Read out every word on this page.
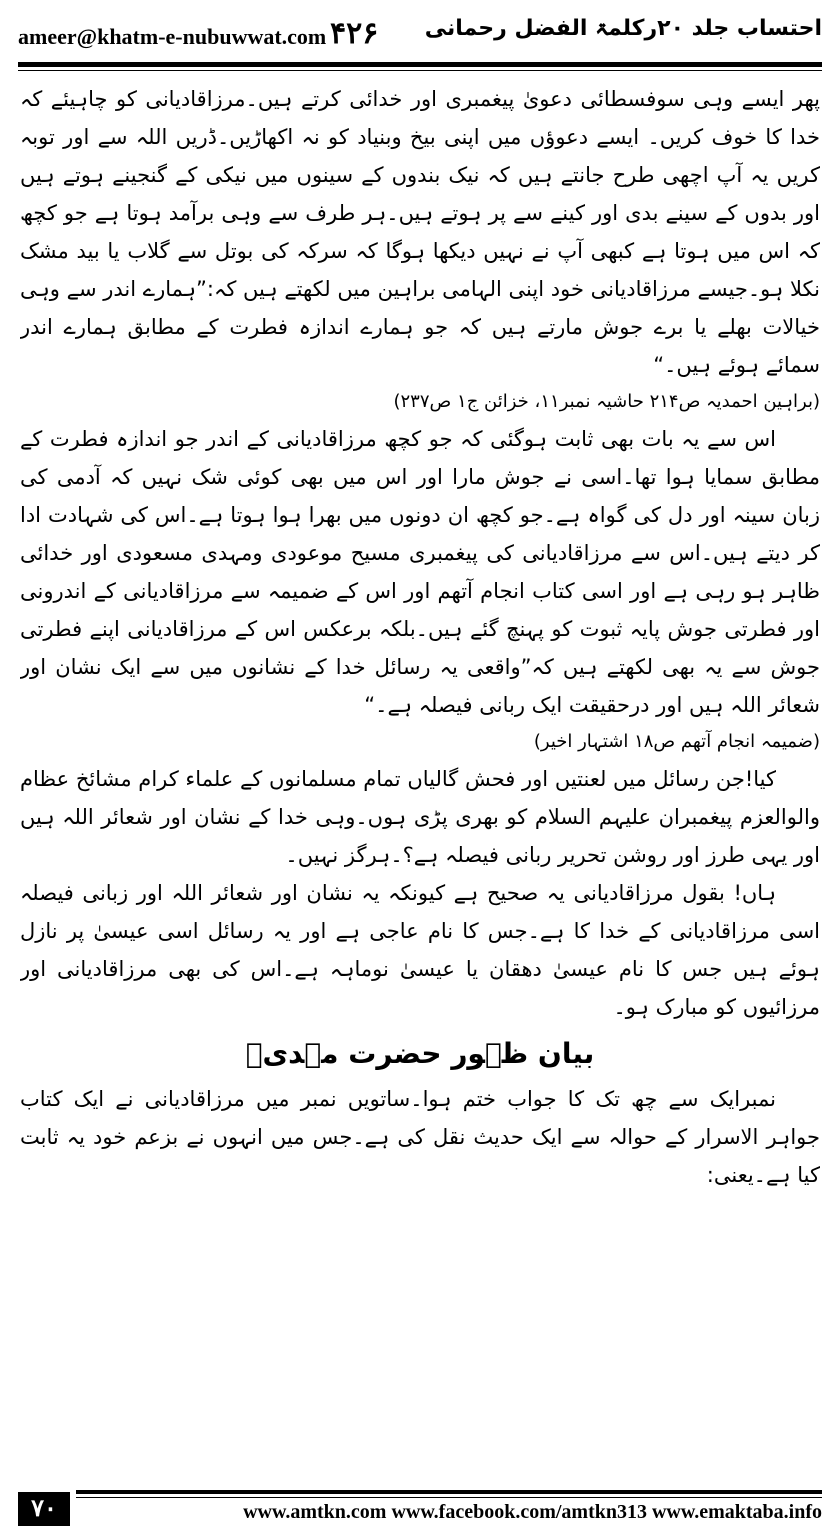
ameer@khatm-e-nubuwwat.com ۴۲۶ احتساب جلد ۲۰رکلمۃ الفضل رحمانی

پھر ایسے وہی سوفسطائی دعویٰ پیغمبری اور خدائی کرتے ہیں۔مرزاقادیانی کو چاہیئے کہ خدا کا خوف کریں۔ ایسے دعوؤں میں اپنی بیخ وبنیاد کو نہ اکھاڑیں۔ڈریں اللہ سے اور توبہ کریں یہ آپ اچھی طرح جانتے ہیں کہ نیک بندوں کے سینوں میں نیکی کے گنجینے ہوتے ہیں اور بدوں کے سینے بدی اور کینے سے پر ہوتے ہیں۔ہر طرف سے وہی برآمد ہوتا ہے جو کچھ کہ اس میں ہوتا ہے کبھی آپ نے نہیں دیکھا ہوگا کہ سرکہ کی بوتل سے گلاب یا بید مشک نکلا ہو۔جیسے مرزاقادیانی خود اپنی الہامی براہین میں لکھتے ہیں کہ:”ہمارے اندر سے وہی خیالات بھلے یا برے جوش مارتے ہیں کہ جو ہمارے اندازہ فطرت کے مطابق ہمارے اندر سمائے ہوئے ہیں۔“

(براہین احمدیہ ص۲۱۴ حاشیہ نمبر۱۱، خزائن ج۱ ص۲۳۷)

اس سے یہ بات بھی ثابت ہوگئی کہ جو کچھ مرزاقادیانی کے اندر جو اندازہ فطرت کے مطابق سمایا ہوا تھا۔اسی نے جوش مارا اور اس میں بھی کوئی شک نہیں کہ آدمی کی زبان سینہ اور دل کی گواہ ہے۔جو کچھ ان دونوں میں بھرا ہوا ہوتا ہے۔اس کی شہادت ادا کر دیتے ہیں۔اس سے مرزاقادیانی کی پیغمبری مسیح موعودی ومہدی مسعودی اور خدائی ظاہر ہو رہی ہے اور اسی کتاب انجام آتھم اور اس کے ضمیمہ سے مرزاقادیانی کے اندرونی اور فطرتی جوش پایہ ثبوت کو پہنچ گئے ہیں۔بلکہ برعکس اس کے مرزاقادیانی اپنے فطرتی جوش سے یہ بھی لکھتے ہیں کہ”واقعی یہ رسائل خدا کے نشانوں میں سے ایک نشان اور شعائر اللہ ہیں اور درحقیقت ایک ربانی فیصلہ ہے۔“

(ضمیمہ انجام آتھم ص۱۸ اشتہار اخیر)

کیا!جن رسائل میں لعنتیں اور فحش گالیاں تمام مسلمانوں کے علماء کرام مشائخ عظام والوالعزم پیغمبران علیہم السلام کو بھری پڑی ہوں۔وہی خدا کے نشان اور شعائر اللہ ہیں اور یہی طرز اور روشن تحریر ربانی فیصلہ ہے؟۔ہرگز نہیں۔

ہاں! بقول مرزاقادیانی یہ صحیح ہے کیونکہ یہ نشان اور شعائر اللہ اور زبانی فیصلہ اسی مرزاقادیانی کے خدا کا ہے۔جس کا نام عاجی ہے اور یہ رسائل اسی عیسیٰ پر نازل ہوئے ہیں جس کا نام عیسیٰ دھقان یا عیسیٰ نوماہہ ہے۔اس کی بھی مرزاقادیانی اور مرزائیوں کو مبارک ہو۔

بیان ظہور حضرت مہدیؒ

نمبرایک سے چھ تک کا جواب ختم ہوا۔ساتویں نمبر میں مرزاقادیانی نے ایک کتاب جواہر الاسرار کے حوالہ سے ایک حدیث نقل کی ہے۔جس میں انہوں نے بزعم خود یہ ثابت کیا ہے۔یعنی:

۷۰	www.amtkn.com www.facebook.com/amtkn313 www.emaktaba.info
